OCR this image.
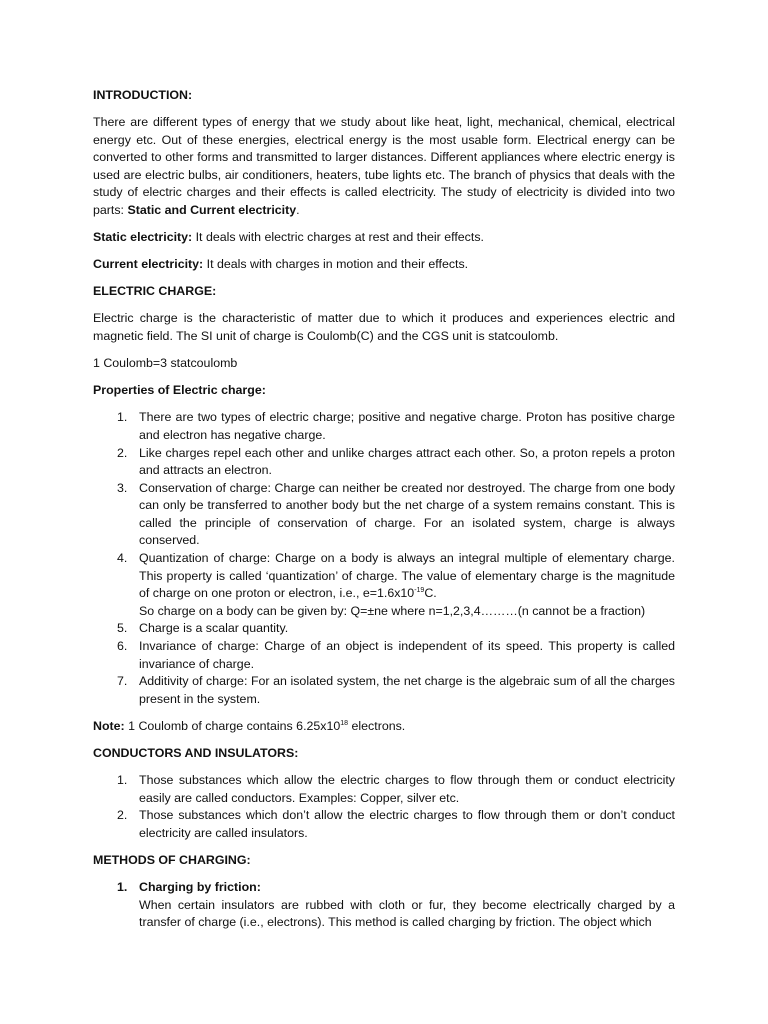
INTRODUCTION:

There are different types of energy that we study about like heat, light, mechanical, chemical, electrical energy etc. Out of these energies, electrical energy is the most usable form. Electrical energy can be converted to other forms and transmitted to larger distances. Different appliances where electric energy is used are electric bulbs, air conditioners, heaters, tube lights etc. The branch of physics that deals with the study of electric charges and their effects is called electricity. The study of electricity is divided into two parts: Static and Current electricity.

Static electricity: It deals with electric charges at rest and their effects.

Current electricity: It deals with charges in motion and their effects.

ELECTRIC CHARGE:

Electric charge is the characteristic of matter due to which it produces and experiences electric and magnetic field. The SI unit of charge is Coulomb(C) and the CGS unit is statcoulomb.

1 Coulomb=3 statcoulomb

Properties of Electric charge:

1. There are two types of electric charge; positive and negative charge. Proton has positive charge and electron has negative charge.
2. Like charges repel each other and unlike charges attract each other. So, a proton repels a proton and attracts an electron.
3. Conservation of charge: Charge can neither be created nor destroyed. The charge from one body can only be transferred to another body but the net charge of a system remains constant. This is called the principle of conservation of charge. For an isolated system, charge is always conserved.
4. Quantization of charge: Charge on a body is always an integral multiple of elementary charge. This property is called ‘quantization’ of charge. The value of elementary charge is the magnitude of charge on one proton or electron, i.e., $e=1.6x10^{-19}C$.
So charge on a body can be given by: Q=±ne where n=1,2,3,4………(n cannot be a fraction)
5. Charge is a scalar quantity.
6. Invariance of charge: Charge of an object is independent of its speed. This property is called invariance of charge.
7. Additivity of charge: For an isolated system, the net charge is the algebraic sum of all the charges present in the system.

Note: 1 Coulomb of charge contains $6.25x10^{18}$ electrons.

CONDUCTORS AND INSULATORS:

1. Those substances which allow the electric charges to flow through them or conduct electricity easily are called conductors. Examples: Copper, silver etc.
2. Those substances which don’t allow the electric charges to flow through them or don’t conduct electricity are called insulators.

METHODS OF CHARGING:

1. Charging by friction:
When certain insulators are rubbed with cloth or fur, they become electrically charged by a transfer of charge (i.e., electrons). This method is called charging by friction. The object which
